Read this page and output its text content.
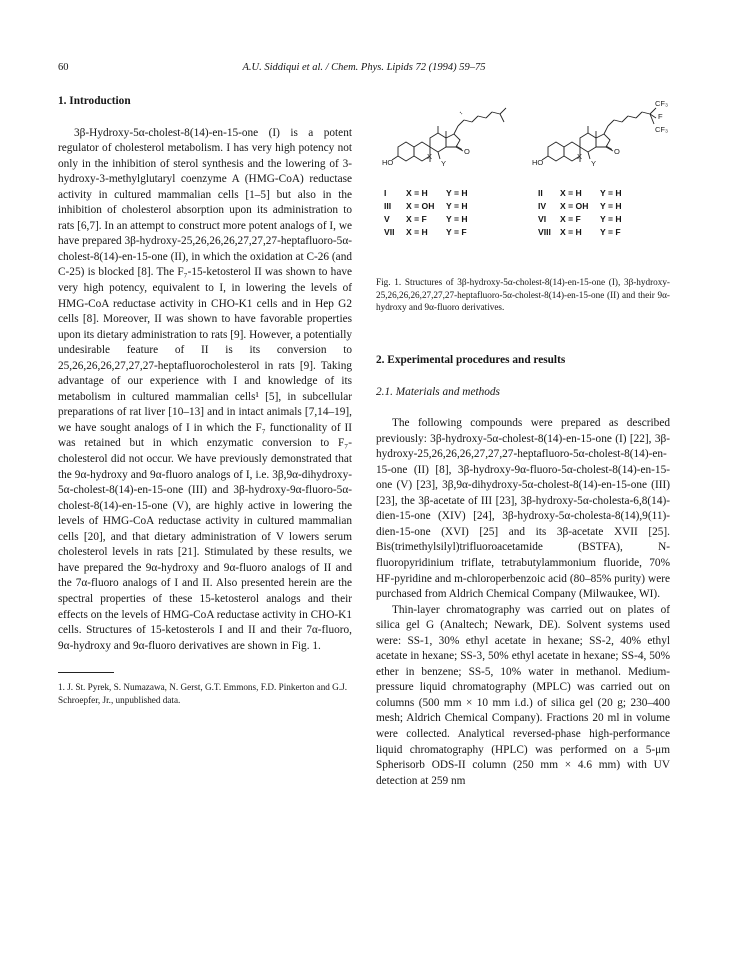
60	A.U. Siddiqui et al. / Chem. Phys. Lipids 72 (1994) 59–75
1. Introduction

3β-Hydroxy-5α-cholest-8(14)-en-15-one (I) is a potent regulator of cholesterol metabolism. I has very high potency not only in the inhibition of sterol synthesis and the lowering of 3-hydroxy-3-methylglutaryl coenzyme A (HMG-CoA) reductase activity in cultured mammalian cells [1–5] but also in the inhibition of cholesterol absorption upon its administration to rats [6,7]. In an attempt to construct more potent analogs of I, we have prepared 3β-hydroxy-25,26,26,26,27,27,27-heptafluoro-5α-cholest-8(14)-en-15-one (II), in which the oxidation at C-26 (and C-25) is blocked [8]. The F₇-15-ketosterol II was shown to have very high potency, equivalent to I, in lowering the levels of HMG-CoA reductase activity in CHO-K1 cells and in Hep G2 cells [8]. Moreover, II was shown to have favorable properties upon its dietary administration to rats [9]. However, a potentially undesirable feature of II is its conversion to 25,26,26,26,27,27,27-heptafluorocholesterol in rats [9]. Taking advantage of our experience with I and knowledge of its metabolism in cultured mammalian cells¹ [5], in subcellular preparations of rat liver [10–13] and in intact animals [7,14–19], we have sought analogs of I in which the F₇ functionality of II was retained but in which enzymatic conversion to F₇-cholesterol did not occur. We have previously demonstrated that the 9α-hydroxy and 9α-fluoro analogs of I, i.e. 3β,9α-dihydroxy-5α-cholest-8(14)-en-15-one (III) and 3β-hydroxy-9α-fluoro-5α-cholest-8(14)-en-15-one (V), are highly active in lowering the levels of HMG-CoA reductase activity in cultured mammalian cells [20], and that dietary administration of V lowers serum cholesterol levels in rats [21]. Stimulated by these results, we have prepared the 9α-hydroxy and 9α-fluoro analogs of II and the 7α-fluoro analogs of I and II. Also presented herein are the spectral properties of these 15-ketosterol analogs and their effects on the levels of HMG-CoA reductase activity in CHO-K1 cells. Structures of 15-ketosterols I and II and their 7α-fluoro, 9α-hydroxy and 9α-fluoro derivatives are shown in Fig. 1.

1. J. St. Pyrek, S. Numazawa, N. Gerst, G.T. Emmons, F.D. Pinkerton and G.J. Schroepfer, Jr., unpublished data.
HO
X
Y
O
HO
X
Y
O
CF₃
F
CF₃
I X = H Y = H
III X = OH Y = H
V X = F Y = H
VII X = H Y = F
II X = H Y = H
IV X = OH Y = H
VI X = F Y = H
VIII X = H Y = F
Fig. 1. Structures of 3β-hydroxy-5α-cholest-8(14)-en-15-one (I), 3β-hydroxy-25,26,26,26,27,27,27-heptafluoro-5α-cholest-8(14)-en-15-one (II) and their 9α-hydroxy and 9α-fluoro derivatives.
2. Experimental procedures and results
2.1. Materials and methods

The following compounds were prepared as described previously: 3β-hydroxy-5α-cholest-8(14)-en-15-one (I) [22], 3β-hydroxy-25,26,26,26,27,27,27-heptafluoro-5α-cholest-8(14)-en-15-one (II) [8], 3β-hydroxy-9α-fluoro-5α-cholest-8(14)-en-15-one (V) [23], 3β,9α-dihydroxy-5α-cholest-8(14)-en-15-one (III) [23], the 3β-acetate of III [23], 3β-hydroxy-5α-cholesta-6,8(14)-dien-15-one (XIV) [24], 3β-hydroxy-5α-cholesta-8(14),9(11)-dien-15-one (XVI) [25] and its 3β-acetate XVII [25]. Bis(trimethylsilyl)trifluoroacetamide (BSTFA), N-fluoropyridinium triflate, tetrabutylammonium fluoride, 70% HF-pyridine and m-chloroperbenzoic acid (80–85% purity) were purchased from Aldrich Chemical Company (Milwaukee, WI).

Thin-layer chromatography was carried out on plates of silica gel G (Analtech; Newark, DE). Solvent systems used were: SS-1, 30% ethyl acetate in hexane; SS-2, 40% ethyl acetate in hexane; SS-3, 50% ethyl acetate in hexane; SS-4, 50% ether in benzene; SS-5, 10% water in methanol. Medium-pressure liquid chromatography (MPLC) was carried out on columns (500 mm × 10 mm i.d.) of silica gel (20 g; 230–400 mesh; Aldrich Chemical Company). Fractions 20 ml in volume were collected. Analytical reversed-phase high-performance liquid chromatography (HPLC) was performed on a 5-μm Spherisorb ODS-II column (250 mm × 4.6 mm) with UV detection at 259 nm
